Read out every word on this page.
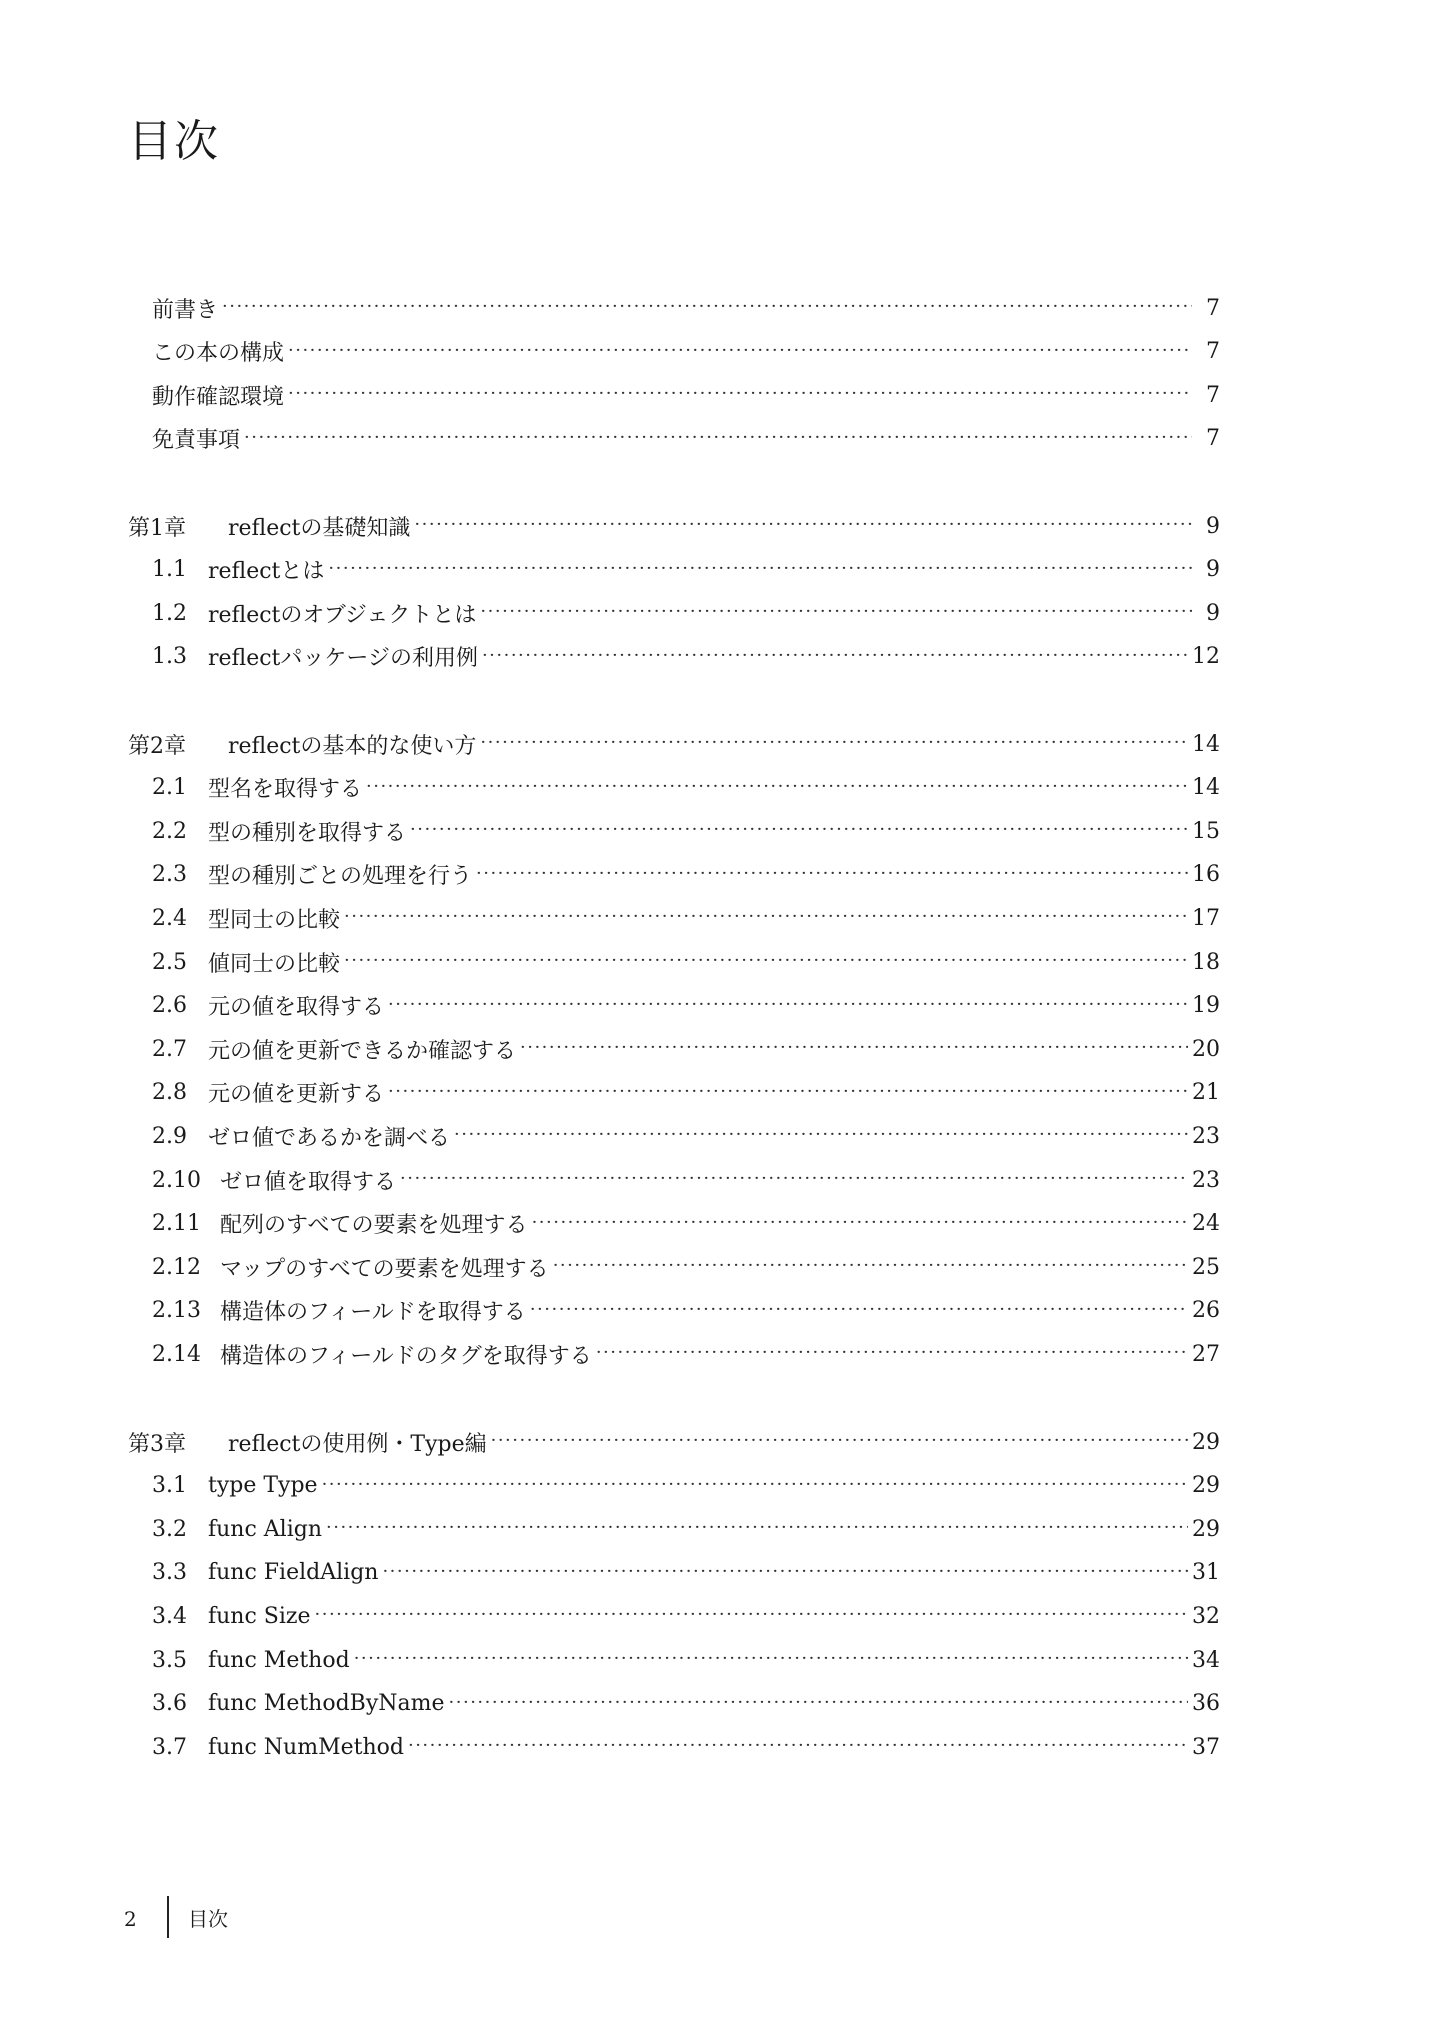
目次
前書き ·····	7
この本の構成 ·····	7
動作確認環境 ·····	7
免責事項 ·····	7
第1章	reflectの基礎知識 ·····	9
1.1 reflectとは ·····	9
1.2 reflectのオブジェクトとは ·····	9
1.3 reflectパッケージの利用例 ·····	12
第2章	reflectの基本的な使い方 ·····	14
2.1 型名を取得する ·····	14
2.2 型の種別を取得する ·····	15
2.3 型の種別ごとの処理を行う ·····	16
2.4 型同士の比較 ·····	17
2.5 値同士の比較 ·····	18
2.6 元の値を取得する ·····	19
2.7 元の値を更新できるか確認する ·····	20
2.8 元の値を更新する ·····	21
2.9 ゼロ値であるかを調べる ·····	23
2.10 ゼロ値を取得する ·····	23
2.11 配列のすべての要素を処理する ·····	24
2.12 マップのすべての要素を処理する ·····	25
2.13 構造体のフィールドを取得する ·····	26
2.14 構造体のフィールドのタグを取得する ·····	27
第3章	reflectの使用例・Type編 ·····	29
3.1 type Type ·····	29
3.2 func Align ·····	29
3.3 func FieldAlign ·····	31
3.4 func Size ·····	32
3.5 func Method ·····	34
3.6 func MethodByName ·····	36
3.7 func NumMethod ·····	37
2	目次
